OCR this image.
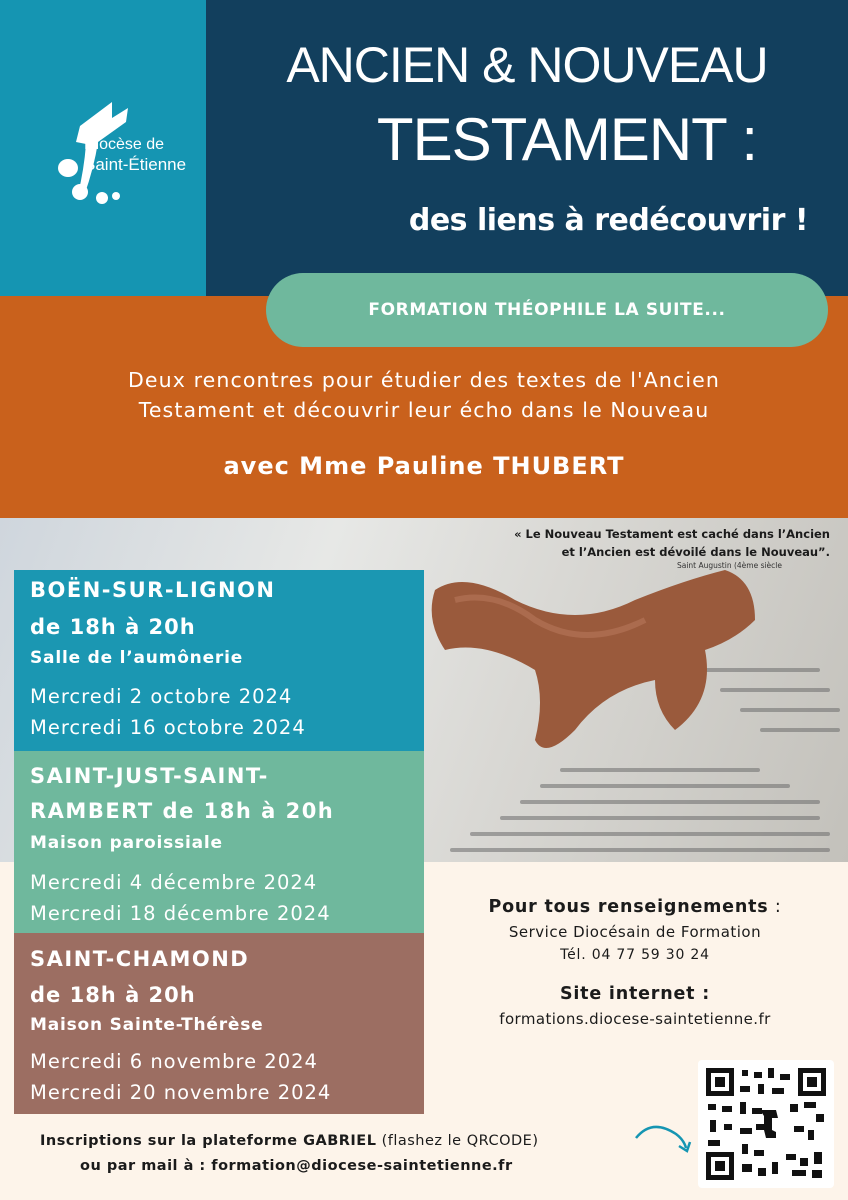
Diocèse de
Saint-Étienne
ANCIEN & NOUVEAU
TESTAMENT :
des liens à redécouvrir !
FORMATION THÉOPHILE LA SUITE...
Deux rencontres pour étudier des textes de l'Ancien
Testament et découvrir leur écho dans le Nouveau
avec Mme Pauline THUBERT
« Le Nouveau Testament est caché dans l’Ancien
et l’Ancien est dévoilé dans le Nouveau”.
Saint Augustin (4ème siècle
BOËN-SUR-LIGNON
de 18h à 20h
Salle de l’aumônerie
Mercredi 2 octobre 2024
Mercredi 16 octobre 2024
SAINT-JUST-SAINT-
RAMBERT de 18h à 20h
Maison paroissiale
Mercredi 4 décembre 2024
Mercredi 18 décembre 2024
SAINT-CHAMOND
de 18h à 20h
Maison Sainte-Thérèse
Mercredi 6 novembre 2024
Mercredi 20 novembre 2024
Pour tous renseignements :
Service Diocésain de Formation
Tél. 04 77 59 30 24
Site internet :
formations.diocese-saintetienne.fr
Inscriptions sur la plateforme GABRIEL (flashez le QRCODE)
ou par mail à : formation@diocese-saintetienne.fr
